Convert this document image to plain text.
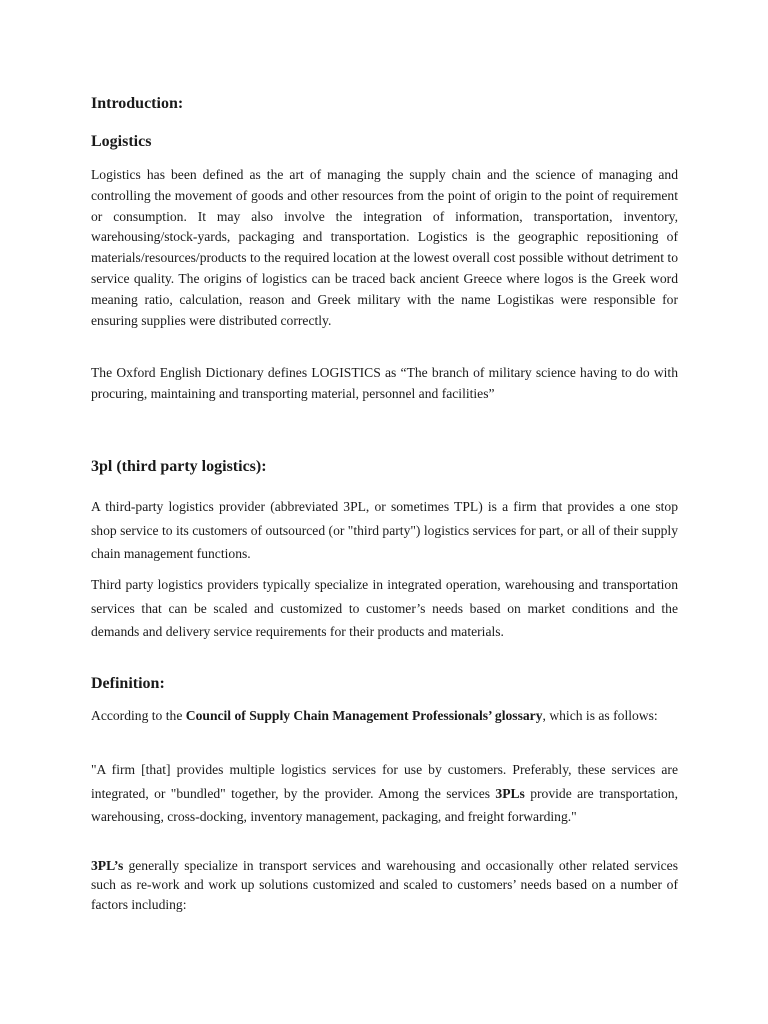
Introduction:
Logistics
Logistics has been defined as the art of managing the supply chain and the science of managing and controlling the movement of goods and other resources from the point of origin to the point of requirement or consumption. It may also involve the integration of information, transportation, inventory, warehousing/stock-yards, packaging and transportation. Logistics is the geographic repositioning of materials/resources/products to the required location at the lowest overall cost possible without detriment to service quality. The origins of logistics can be traced back ancient Greece where logos is the Greek word meaning ratio, calculation, reason and Greek military with the name Logistikas were responsible for ensuring supplies were distributed correctly.
The Oxford English Dictionary defines LOGISTICS as “The branch of military science having to do with procuring, maintaining and transporting material, personnel and facilities”
3pl (third party logistics):
A third-party logistics provider (abbreviated 3PL, or sometimes TPL) is a firm that provides a one stop shop service to its customers of outsourced (or "third party") logistics services for part, or all of their supply chain management functions.
Third party logistics providers typically specialize in integrated operation, warehousing and transportation services that can be scaled and customized to customer’s needs based on market conditions and the demands and delivery service requirements for their products and materials.
Definition:
According to the Council of Supply Chain Management Professionals’ glossary, which is as follows:
"A firm [that] provides multiple logistics services for use by customers. Preferably, these services are integrated, or "bundled" together, by the provider. Among the services 3PLs provide are transportation, warehousing, cross-docking, inventory management, packaging, and freight forwarding."
3PL’s generally specialize in transport services and warehousing and occasionally other related services such as re-work and work up solutions customized and scaled to customers’ needs based on a number of factors including:
